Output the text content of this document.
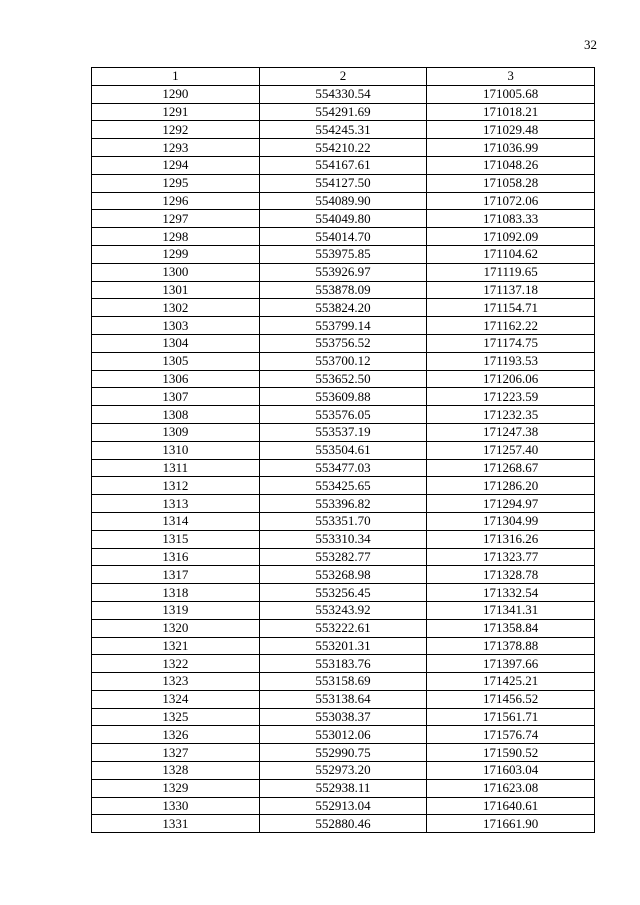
32
1	2	3
1290	554330.54	171005.68
1291	554291.69	171018.21
1292	554245.31	171029.48
1293	554210.22	171036.99
1294	554167.61	171048.26
1295	554127.50	171058.28
1296	554089.90	171072.06
1297	554049.80	171083.33
1298	554014.70	171092.09
1299	553975.85	171104.62
1300	553926.97	171119.65
1301	553878.09	171137.18
1302	553824.20	171154.71
1303	553799.14	171162.22
1304	553756.52	171174.75
1305	553700.12	171193.53
1306	553652.50	171206.06
1307	553609.88	171223.59
1308	553576.05	171232.35
1309	553537.19	171247.38
1310	553504.61	171257.40
1311	553477.03	171268.67
1312	553425.65	171286.20
1313	553396.82	171294.97
1314	553351.70	171304.99
1315	553310.34	171316.26
1316	553282.77	171323.77
1317	553268.98	171328.78
1318	553256.45	171332.54
1319	553243.92	171341.31
1320	553222.61	171358.84
1321	553201.31	171378.88
1322	553183.76	171397.66
1323	553158.69	171425.21
1324	553138.64	171456.52
1325	553038.37	171561.71
1326	553012.06	171576.74
1327	552990.75	171590.52
1328	552973.20	171603.04
1329	552938.11	171623.08
1330	552913.04	171640.61
1331	552880.46	171661.90
